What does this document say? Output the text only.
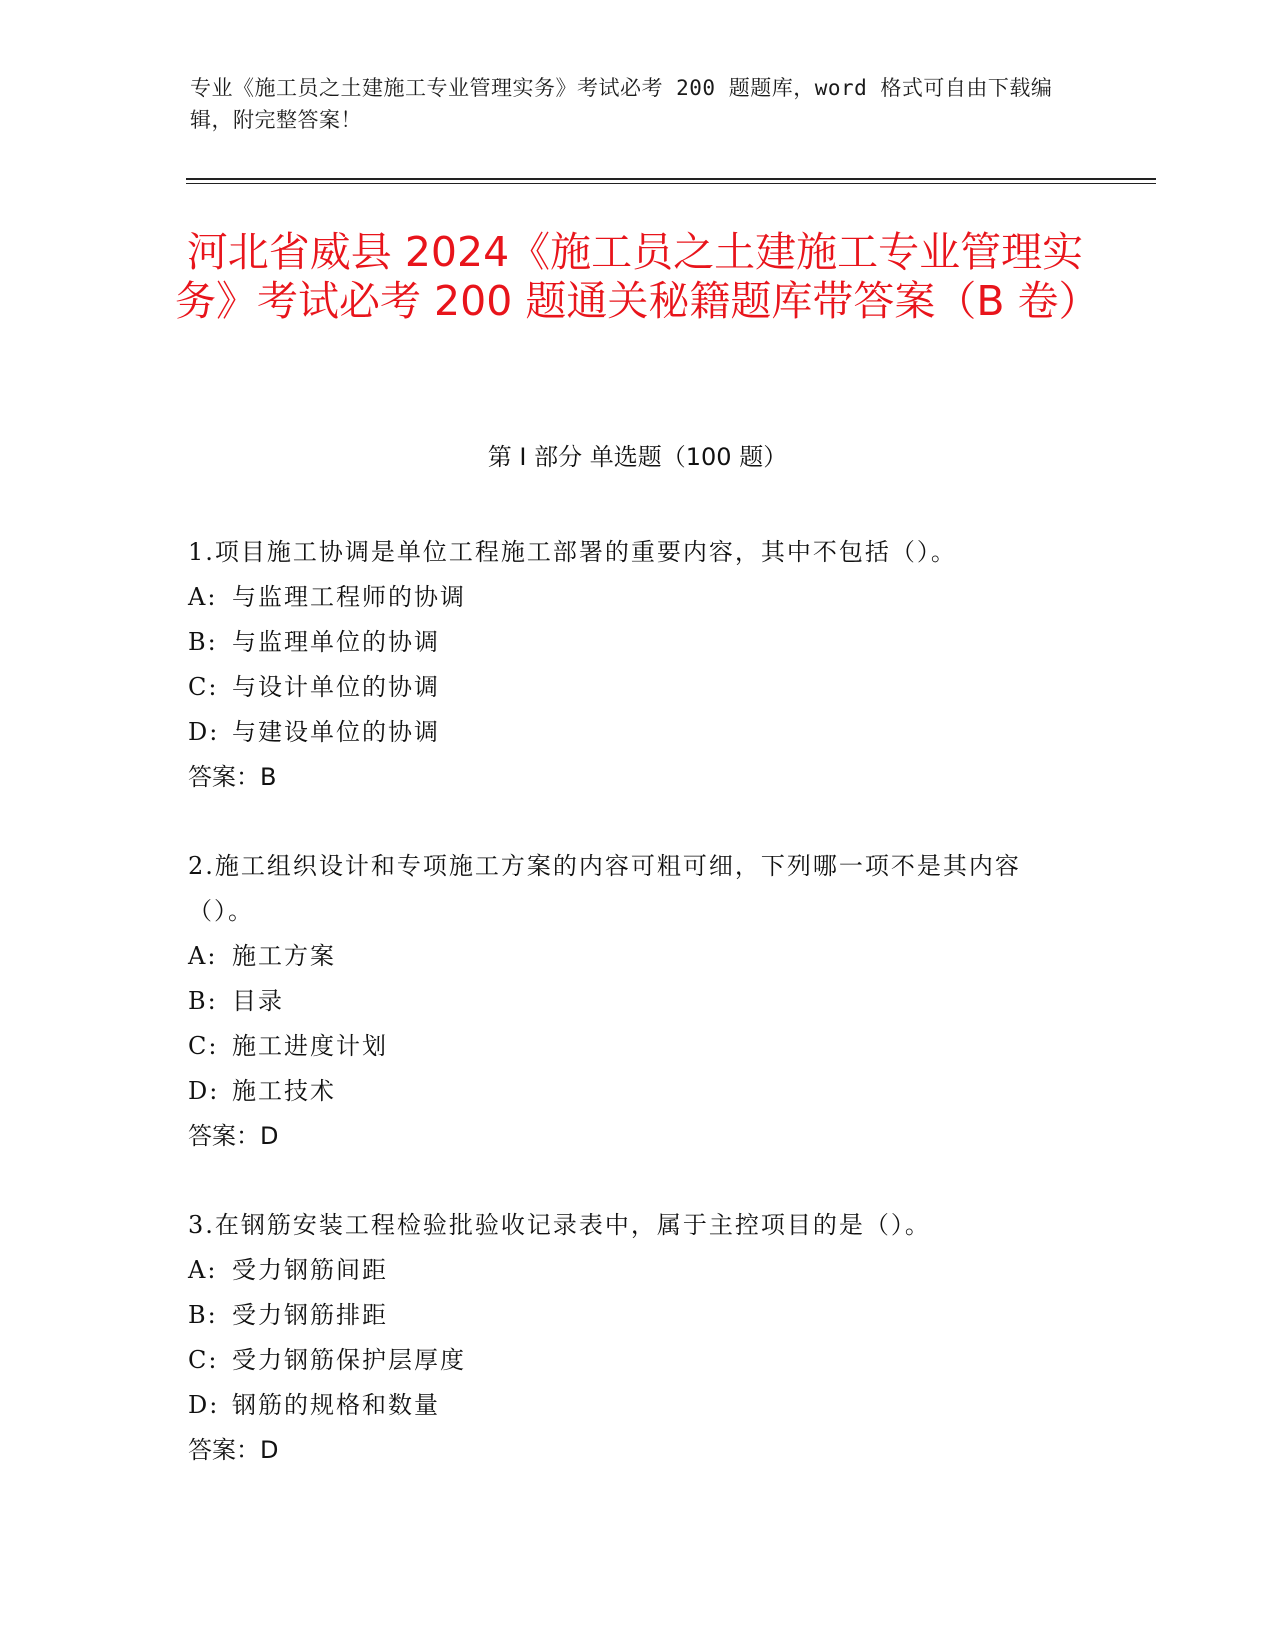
专业《施工员之土建施工专业管理实务》考试必考 200 题题库，word 格式可自由下载编辑，附完整答案！
河北省威县 2024《施工员之土建施工专业管理实务》考试必考 200 题通关秘籍题库带答案（B 卷）
第 I 部分 单选题（100 题）
1.项目施工协调是单位工程施工部署的重要内容，其中不包括（）。
A: 与监理工程师的协调
B: 与监理单位的协调
C: 与设计单位的协调
D: 与建设单位的协调
答案：B
2.施工组织设计和专项施工方案的内容可粗可细，下列哪一项不是其内容（）。
A: 施工方案
B: 目录
C: 施工进度计划
D: 施工技术
答案：D
3.在钢筋安装工程检验批验收记录表中，属于主控项目的是（）。
A: 受力钢筋间距
B: 受力钢筋排距
C: 受力钢筋保护层厚度
D: 钢筋的规格和数量
答案：D
